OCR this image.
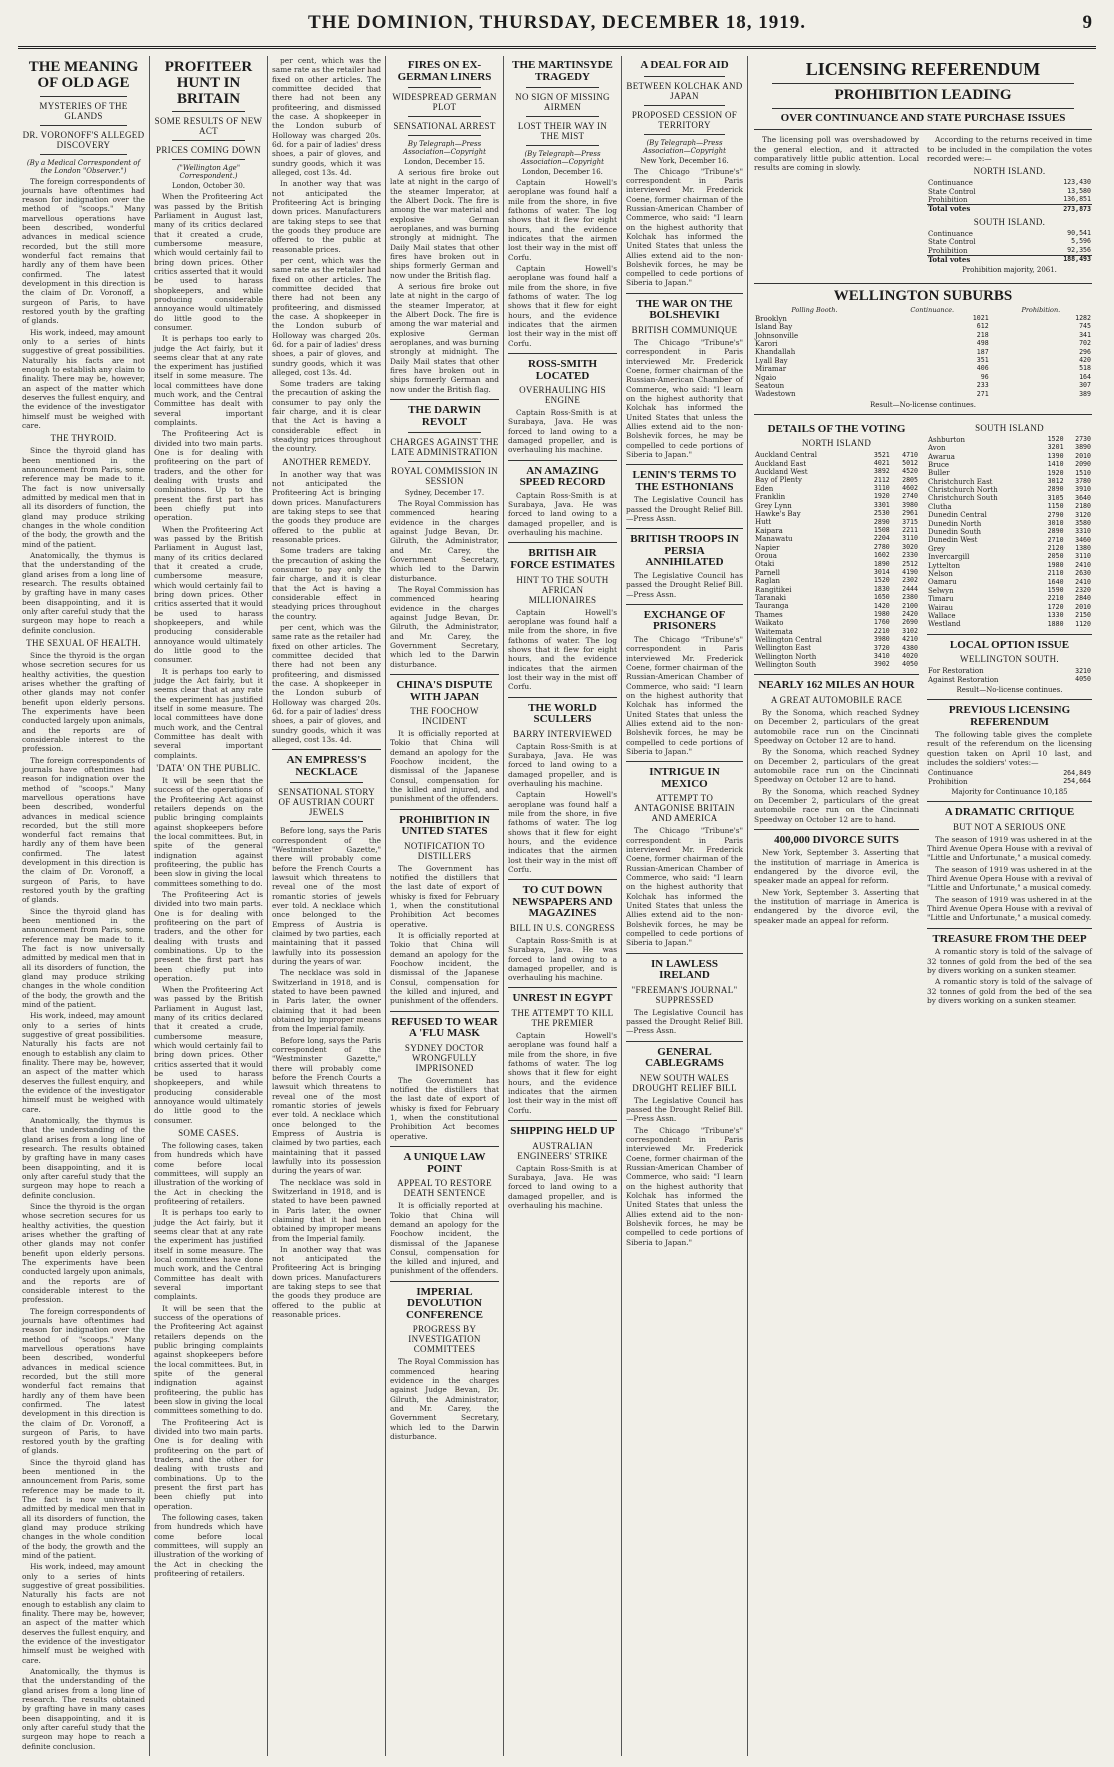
THE DOMINION, THURSDAY, DECEMBER 18, 1919.	9
THE MEANING OF OLD AGE
MYSTERIES OF THE GLANDS
DR. VORONOFF'S ALLEGED DISCOVERY
(By a Medical Correspondent of the London "Observer.")

The foreign correspondents of journals have oftentimes had reason for indignation over the method of "scoops." Many marvellous operations have been described, wonderful advances in medical science recorded, but the still more wonderful fact remains that hardly any of them have been confirmed. The latest development in this direction is the claim of Dr. Voronoff, a surgeon of Paris, to have restored youth by the grafting of glands.

His work, indeed, may amount only to a series of hints suggestive of great possibilities. Naturally his facts are not enough to establish any claim to finality. There may be, however, an aspect of the matter which deserves the fullest enquiry, and the evidence of the investigator himself must be weighed with care.

THE THYROID.

Since the thyroid gland has been mentioned in the announcement from Paris, some reference may be made to it. The fact is now universally admitted by medical men that in all its disorders of function, the gland may produce striking changes in the whole condition of the body, the growth and the mind of the patient.

Anatomically, the thymus is that the understanding of the gland arises from a long line of research. The results obtained by grafting have in many cases been disappointing, and it is only after careful study that the surgeon may hope to reach a definite conclusion.

THE SEXUAL OF HEALTH.

Since the thyroid is the organ whose secretion secures for us healthy activities, the question arises whether the grafting of other glands may not confer benefit upon elderly persons. The experiments have been conducted largely upon animals, and the reports are of considerable interest to the profession.

The foreign correspondents of journals have oftentimes had reason for indignation over the method of "scoops." Many marvellous operations have been described, wonderful advances in medical science recorded, but the still more wonderful fact remains that hardly any of them have been confirmed. The latest development in this direction is the claim of Dr. Voronoff, a surgeon of Paris, to have restored youth by the grafting of glands.

Since the thyroid gland has been mentioned in the announcement from Paris, some reference may be made to it. The fact is now universally admitted by medical men that in all its disorders of function, the gland may produce striking changes in the whole condition of the body, the growth and the mind of the patient.

His work, indeed, may amount only to a series of hints suggestive of great possibilities. Naturally his facts are not enough to establish any claim to finality. There may be, however, an aspect of the matter which deserves the fullest enquiry, and the evidence of the investigator himself must be weighed with care.

Anatomically, the thymus is that the understanding of the gland arises from a long line of research. The results obtained by grafting have in many cases been disappointing, and it is only after careful study that the surgeon may hope to reach a definite conclusion.

Since the thyroid is the organ whose secretion secures for us healthy activities, the question arises whether the grafting of other glands may not confer benefit upon elderly persons. The experiments have been conducted largely upon animals, and the reports are of considerable interest to the profession.

The foreign correspondents of journals have oftentimes had reason for indignation over the method of "scoops." Many marvellous operations have been described, wonderful advances in medical science recorded, but the still more wonderful fact remains that hardly any of them have been confirmed. The latest development in this direction is the claim of Dr. Voronoff, a surgeon of Paris, to have restored youth by the grafting of glands.

Since the thyroid gland has been mentioned in the announcement from Paris, some reference may be made to it. The fact is now universally admitted by medical men that in all its disorders of function, the gland may produce striking changes in the whole condition of the body, the growth and the mind of the patient.

His work, indeed, may amount only to a series of hints suggestive of great possibilities. Naturally his facts are not enough to establish any claim to finality. There may be, however, an aspect of the matter which deserves the fullest enquiry, and the evidence of the investigator himself must be weighed with care.

Anatomically, the thymus is that the understanding of the gland arises from a long line of research. The results obtained by grafting have in many cases been disappointing, and it is only after careful study that the surgeon may hope to reach a definite conclusion.

PROFITEER HUNT IN BRITAIN
SOME RESULTS OF NEW ACT
PRICES COMING DOWN
("Wellington Age" Correspondent.)
London, October 30.

When the Profiteering Act was passed by the British Parliament in August last, many of its critics declared that it created a crude, cumbersome measure, which would certainly fail to bring down prices. Other critics asserted that it would be used to harass shopkeepers, and while producing considerable annoyance would ultimately do little good to the consumer.

It is perhaps too early to judge the Act fairly, but it seems clear that at any rate the experiment has justified itself in some measure. The local committees have done much work, and the Central Committee has dealt with several important complaints.

The Profiteering Act is divided into two main parts. One is for dealing with profiteering on the part of traders, and the other for dealing with trusts and combinations. Up to the present the first part has been chiefly put into operation.

When the Profiteering Act was passed by the British Parliament in August last, many of its critics declared that it created a crude, cumbersome measure, which would certainly fail to bring down prices. Other critics asserted that it would be used to harass shopkeepers, and while producing considerable annoyance would ultimately do little good to the consumer.

It is perhaps too early to judge the Act fairly, but it seems clear that at any rate the experiment has justified itself in some measure. The local committees have done much work, and the Central Committee has dealt with several important complaints.

'DATA' ON THE PUBLIC.

It will be seen that the success of the operations of the Profiteering Act against retailers depends on the public bringing complaints against shopkeepers before the local committees. But, in spite of the general indignation against profiteering, the public has been slow in giving the local committees something to do.

The Profiteering Act is divided into two main parts. One is for dealing with profiteering on the part of traders, and the other for dealing with trusts and combinations. Up to the present the first part has been chiefly put into operation.

When the Profiteering Act was passed by the British Parliament in August last, many of its critics declared that it created a crude, cumbersome measure, which would certainly fail to bring down prices. Other critics asserted that it would be used to harass shopkeepers, and while producing considerable annoyance would ultimately do little good to the consumer.

SOME CASES.

The following cases, taken from hundreds which have come before local committees, will supply an illustration of the working of the Act in checking the profiteering of retailers.

It is perhaps too early to judge the Act fairly, but it seems clear that at any rate the experiment has justified itself in some measure. The local committees have done much work, and the Central Committee has dealt with several important complaints.

It will be seen that the success of the operations of the Profiteering Act against retailers depends on the public bringing complaints against shopkeepers before the local committees. But, in spite of the general indignation against profiteering, the public has been slow in giving the local committees something to do.

The Profiteering Act is divided into two main parts. One is for dealing with profiteering on the part of traders, and the other for dealing with trusts and combinations. Up to the present the first part has been chiefly put into operation.

The following cases, taken from hundreds which have come before local committees, will supply an illustration of the working of the Act in checking the profiteering of retailers.

per cent, which was the same rate as the retailer had fixed on other articles. The committee decided that there had not been any profiteering, and dismissed the case. A shopkeeper in the London suburb of Holloway was charged 20s. 6d. for a pair of ladies' dress shoes, a pair of gloves, and sundry goods, which it was alleged, cost 13s. 4d.

In another way that was not anticipated the Profiteering Act is bringing down prices. Manufacturers are taking steps to see that the goods they produce are offered to the public at reasonable prices.

per cent, which was the same rate as the retailer had fixed on other articles. The committee decided that there had not been any profiteering, and dismissed the case. A shopkeeper in the London suburb of Holloway was charged 20s. 6d. for a pair of ladies' dress shoes, a pair of gloves, and sundry goods, which it was alleged, cost 13s. 4d.

Some traders are taking the precaution of asking the consumer to pay only the fair charge, and it is clear that the Act is having a considerable effect in steadying prices throughout the country.

ANOTHER REMEDY.

In another way that was not anticipated the Profiteering Act is bringing down prices. Manufacturers are taking steps to see that the goods they produce are offered to the public at reasonable prices.

Some traders are taking the precaution of asking the consumer to pay only the fair charge, and it is clear that the Act is having a considerable effect in steadying prices throughout the country.

per cent, which was the same rate as the retailer had fixed on other articles. The committee decided that there had not been any profiteering, and dismissed the case. A shopkeeper in the London suburb of Holloway was charged 20s. 6d. for a pair of ladies' dress shoes, a pair of gloves, and sundry goods, which it was alleged, cost 13s. 4d.

AN EMPRESS'S NECKLACE
SENSATIONAL STORY OF AUSTRIAN COURT JEWELS

Before long, says the Paris correspondent of the "Westminster Gazette," there will probably come before the French Courts a lawsuit which threatens to reveal one of the most romantic stories of jewels ever told. A necklace which once belonged to the Empress of Austria is claimed by two parties, each maintaining that it passed lawfully into its possession during the years of war.

The necklace was sold in Switzerland in 1918, and is stated to have been pawned in Paris later, the owner claiming that it had been obtained by improper means from the Imperial family.

Before long, says the Paris correspondent of the "Westminster Gazette," there will probably come before the French Courts a lawsuit which threatens to reveal one of the most romantic stories of jewels ever told. A necklace which once belonged to the Empress of Austria is claimed by two parties, each maintaining that it passed lawfully into its possession during the years of war.

The necklace was sold in Switzerland in 1918, and is stated to have been pawned in Paris later, the owner claiming that it had been obtained by improper means from the Imperial family.

In another way that was not anticipated the Profiteering Act is bringing down prices. Manufacturers are taking steps to see that the goods they produce are offered to the public at reasonable prices.

FIRES ON EX-GERMAN LINERS
WIDESPREAD GERMAN PLOT
SENSATIONAL ARREST
By Telegraph—Press Association—Copyright
London, December 15.

A serious fire broke out late at night in the cargo of the steamer Imperator, at the Albert Dock. The fire is among the war material and explosive German aeroplanes, and was burning strongly at midnight. The Daily Mail states that other fires have broken out in ships formerly German and now under the British flag.

A serious fire broke out late at night in the cargo of the steamer Imperator, at the Albert Dock. The fire is among the war material and explosive German aeroplanes, and was burning strongly at midnight. The Daily Mail states that other fires have broken out in ships formerly German and now under the British flag.

THE DARWIN REVOLT
CHARGES AGAINST THE LATE ADMINISTRATION
ROYAL COMMISSION IN SESSION
Sydney, December 17.

The Royal Commission has commenced hearing evidence in the charges against Judge Bevan, Dr. Gilruth, the Administrator, and Mr. Carey, the Government Secretary, which led to the Darwin disturbance.

The Royal Commission has commenced hearing evidence in the charges against Judge Bevan, Dr. Gilruth, the Administrator, and Mr. Carey, the Government Secretary, which led to the Darwin disturbance.

CHINA'S DISPUTE WITH JAPAN
THE FOOCHOW INCIDENT

It is officially reported at Tokio that China will demand an apology for the Foochow incident, the dismissal of the Japanese Consul, compensation for the killed and injured, and punishment of the offenders.

PROHIBITION IN UNITED STATES
NOTIFICATION TO DISTILLERS

The Government has notified the distillers that the last date of export of whisky is fixed for February 1, when the constitutional Prohibition Act becomes operative.

It is officially reported at Tokio that China will demand an apology for the Foochow incident, the dismissal of the Japanese Consul, compensation for the killed and injured, and punishment of the offenders.

REFUSED TO WEAR A 'FLU MASK
SYDNEY DOCTOR WRONGFULLY IMPRISONED

The Government has notified the distillers that the last date of export of whisky is fixed for February 1, when the constitutional Prohibition Act becomes operative.

A UNIQUE LAW POINT
APPEAL TO RESTORE DEATH SENTENCE

It is officially reported at Tokio that China will demand an apology for the Foochow incident, the dismissal of the Japanese Consul, compensation for the killed and injured, and punishment of the offenders.

IMPERIAL DEVOLUTION CONFERENCE
PROGRESS BY INVESTIGATION COMMITTEES

The Royal Commission has commenced hearing evidence in the charges against Judge Bevan, Dr. Gilruth, the Administrator, and Mr. Carey, the Government Secretary, which led to the Darwin disturbance.

THE MARTINSYDE TRAGEDY
NO SIGN OF MISSING AIRMEN
LOST THEIR WAY IN THE MIST
(By Telegraph—Press Association—Copyright
London, December 16.

Captain Howell's aeroplane was found half a mile from the shore, in five fathoms of water. The log shows that it flew for eight hours, and the evidence indicates that the airmen lost their way in the mist off Corfu.

Captain Howell's aeroplane was found half a mile from the shore, in five fathoms of water. The log shows that it flew for eight hours, and the evidence indicates that the airmen lost their way in the mist off Corfu.

ROSS-SMITH LOCATED
OVERHAULING HIS ENGINE

Captain Ross-Smith is at Surabaya, Java. He was forced to land owing to a damaged propeller, and is overhauling his machine.

AN AMAZING SPEED RECORD

Captain Ross-Smith is at Surabaya, Java. He was forced to land owing to a damaged propeller, and is overhauling his machine.

BRITISH AIR FORCE ESTIMATES
HINT TO THE SOUTH AFRICAN MILLIONAIRES

Captain Howell's aeroplane was found half a mile from the shore, in five fathoms of water. The log shows that it flew for eight hours, and the evidence indicates that the airmen lost their way in the mist off Corfu.

THE WORLD SCULLERS
BARRY INTERVIEWED

Captain Ross-Smith is at Surabaya, Java. He was forced to land owing to a damaged propeller, and is overhauling his machine.

Captain Howell's aeroplane was found half a mile from the shore, in five fathoms of water. The log shows that it flew for eight hours, and the evidence indicates that the airmen lost their way in the mist off Corfu.

TO CUT DOWN NEWSPAPERS AND MAGAZINES
BILL IN U.S. CONGRESS

Captain Ross-Smith is at Surabaya, Java. He was forced to land owing to a damaged propeller, and is overhauling his machine.

UNREST IN EGYPT
THE ATTEMPT TO KILL THE PREMIER

Captain Howell's aeroplane was found half a mile from the shore, in five fathoms of water. The log shows that it flew for eight hours, and the evidence indicates that the airmen lost their way in the mist off Corfu.

SHIPPING HELD UP
AUSTRALIAN ENGINEERS' STRIKE

Captain Ross-Smith is at Surabaya, Java. He was forced to land owing to a damaged propeller, and is overhauling his machine.

A DEAL FOR AID
BETWEEN KOLCHAK AND JAPAN
PROPOSED CESSION OF TERRITORY
(By Telegraph—Press Association—Copyright
New York, December 16.

The Chicago "Tribune's" correspondent in Paris interviewed Mr. Frederick Coene, former chairman of the Russian-American Chamber of Commerce, who said: "I learn on the highest authority that Kolchak has informed the United States that unless the Allies extend aid to the non-Bolshevik forces, he may be compelled to cede portions of Siberia to Japan."

THE WAR ON THE BOLSHEVIKI
BRITISH COMMUNIQUE

The Chicago "Tribune's" correspondent in Paris interviewed Mr. Frederick Coene, former chairman of the Russian-American Chamber of Commerce, who said: "I learn on the highest authority that Kolchak has informed the United States that unless the Allies extend aid to the non-Bolshevik forces, he may be compelled to cede portions of Siberia to Japan."

LENIN'S TERMS TO THE ESTHONIANS

The Legislative Council has passed the Drought Relief Bill.—Press Assn.

BRITISH TROOPS IN PERSIA ANNIHILATED

The Legislative Council has passed the Drought Relief Bill.—Press Assn.

EXCHANGE OF PRISONERS

The Chicago "Tribune's" correspondent in Paris interviewed Mr. Frederick Coene, former chairman of the Russian-American Chamber of Commerce, who said: "I learn on the highest authority that Kolchak has informed the United States that unless the Allies extend aid to the non-Bolshevik forces, he may be compelled to cede portions of Siberia to Japan."

INTRIGUE IN MEXICO
ATTEMPT TO ANTAGONISE BRITAIN AND AMERICA

The Chicago "Tribune's" correspondent in Paris interviewed Mr. Frederick Coene, former chairman of the Russian-American Chamber of Commerce, who said: "I learn on the highest authority that Kolchak has informed the United States that unless the Allies extend aid to the non-Bolshevik forces, he may be compelled to cede portions of Siberia to Japan."

IN LAWLESS IRELAND
"FREEMAN'S JOURNAL" SUPPRESSED

The Legislative Council has passed the Drought Relief Bill.—Press Assn.

GENERAL CABLEGRAMS
NEW SOUTH WALES DROUGHT RELIEF BILL

The Legislative Council has passed the Drought Relief Bill.—Press Assn.

The Chicago "Tribune's" correspondent in Paris interviewed Mr. Frederick Coene, former chairman of the Russian-American Chamber of Commerce, who said: "I learn on the highest authority that Kolchak has informed the United States that unless the Allies extend aid to the non-Bolshevik forces, he may be compelled to cede portions of Siberia to Japan."

LICENSING REFERENDUM
PROHIBITION LEADING
OVER CONTINUANCE AND STATE PURCHASE ISSUES

The licensing poll was overshadowed by the general election, and it attracted comparatively little public attention. Local results are coming in slowly.

According to the returns received in time to be included in the compilation the votes recorded were:—

NORTH ISLAND.
Continuance	123,430
State Control	13,580
Prohibition	136,851
Total votes	273,873
SOUTH ISLAND.
Continuance	90,541
State Control	5,596
Prohibition	92,356
Total votes	188,493
Prohibition majority, 2061.
WELLINGTON SUBURBS
Polling Booth.	Continuance.	Prohibition.
Brooklyn	1021	1282
Island Bay	612	745
Johnsonville	218	341
Karori	498	702
Khandallah	187	296
Lyall Bay	351	420
Miramar	406	518
Ngaio	96	164
Seatoun	233	307
Wadestown	271	389
Result—No-license continues.
DETAILS OF THE VOTING
NORTH ISLAND
Auckland Central	3521	4710
Auckland East	4021	5012
Auckland West	3892	4520
Bay of Plenty	2112	2805
Eden	3110	4602
Franklin	1920	2740
Grey Lynn	3301	3980
Hawke's Bay	2530	2961
Hutt	2890	3715
Kaipara	1508	2211
Manawatu	2204	3110
Napier	2780	3020
Oroua	1602	2330
Otaki	1890	2512
Parnell	3014	4190
Raglan	1520	2302
Rangitikei	1830	2444
Taranaki	1650	2380
Tauranga	1420	2100
Thames	1980	2420
Waikato	1760	2690
Waitemata	2210	3102
Wellington Central	3980	4210
Wellington East	3720	4380
Wellington North	3410	4020
Wellington South	3902	4050
NEARLY 162 MILES AN HOUR
A GREAT AUTOMOBILE RACE

By the Sonoma, which reached Sydney on December 2, particulars of the great automobile race run on the Cincinnati Speedway on October 12 are to hand.

By the Sonoma, which reached Sydney on December 2, particulars of the great automobile race run on the Cincinnati Speedway on October 12 are to hand.

By the Sonoma, which reached Sydney on December 2, particulars of the great automobile race run on the Cincinnati Speedway on October 12 are to hand.

400,000 DIVORCE SUITS

New York, September 3. Asserting that the institution of marriage in America is endangered by the divorce evil, the speaker made an appeal for reform.

New York, September 3. Asserting that the institution of marriage in America is endangered by the divorce evil, the speaker made an appeal for reform.

SOUTH ISLAND
Ashburton	1520	2730
Avon	3201	3890
Awarua	1390	2010
Bruce	1410	2090
Buller	1920	1510
Christchurch East	3012	3780
Christchurch North	2890	3910
Christchurch South	3105	3640
Clutha	1150	2180
Dunedin Central	2790	3120
Dunedin North	3010	3580
Dunedin South	2890	3310
Dunedin West	2710	3460
Grey	2120	1380
Invercargill	2050	3110
Lyttelton	1980	2410
Nelson	2110	2630
Oamaru	1640	2410
Selwyn	1590	2320
Timaru	2210	2840
Wairau	1720	2010
Wallace	1330	2150
Westland	1880	1120
LOCAL OPTION ISSUE
WELLINGTON SOUTH.
For Restoration	3210
Against Restoration	4050
Result—No-license continues.
PREVIOUS LICENSING REFERENDUM

The following table gives the complete result of the referendum on the licensing question taken on April 10 last, and includes the soldiers' votes:—

Continuance	264,849
Prohibition	254,664
Majority for Continuance 10,185
A DRAMATIC CRITIQUE
BUT NOT A SERIOUS ONE

The season of 1919 was ushered in at the Third Avenue Opera House with a revival of "Little and Unfortunate," a musical comedy.

The season of 1919 was ushered in at the Third Avenue Opera House with a revival of "Little and Unfortunate," a musical comedy.

The season of 1919 was ushered in at the Third Avenue Opera House with a revival of "Little and Unfortunate," a musical comedy.

TREASURE FROM THE DEEP

A romantic story is told of the salvage of 32 tonnes of gold from the bed of the sea by divers working on a sunken steamer.

A romantic story is told of the salvage of 32 tonnes of gold from the bed of the sea by divers working on a sunken steamer.
